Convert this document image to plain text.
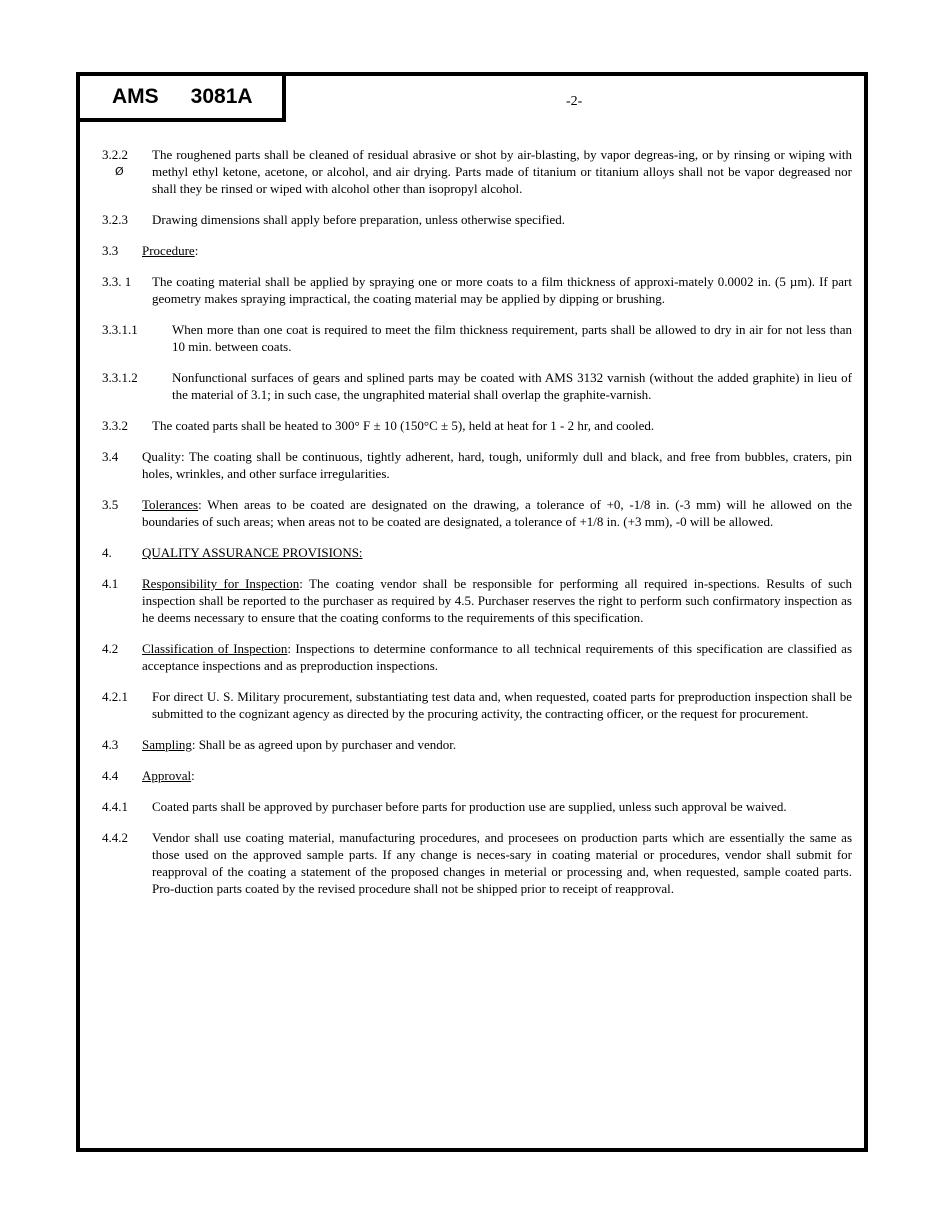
AMS 3081A	-2-
3.2.2
Ø
The roughened parts shall be cleaned of residual abrasive or shot by air-blasting, by vapor degreas-ing, or by rinsing or wiping with methyl ethyl ketone, acetone, or alcohol, and air drying. Parts made of titanium or titanium alloys shall not be vapor degreased nor shall they be rinsed or wiped with alcohol other than isopropyl alcohol.
3.2.3	Drawing dimensions shall apply before preparation, unless otherwise specified.
3.3	Procedure :
3.3. 1	The coating material shall be applied by spraying one or more coats to a film thickness of approxi-mately 0.0002 in. (5 µm). If part geometry makes spraying impractical, the coating material may be applied by dipping or brushing.
3.3.1.1	When more than one coat is required to meet the film thickness requirement, parts shall be allowed to dry in air for not less than 10 min. between coats.
3.3.1.2	Nonfunctional surfaces of gears and splined parts may be coated with AMS 3132 varnish (without the added graphite) in lieu of the material of 3.1; in such case, the ungraphited material shall overlap the graphite-varnish.
3.3.2	The coated parts shall be heated to 300° F ± 10 (150°C ± 5), held at heat for 1 - 2 hr, and cooled.
3.4	Quality: The coating shall be continuous, tightly adherent, hard, tough, uniformly dull and black, and free from bubbles, craters, pin holes, wrinkles, and other surface irregularities.
3.5	Tolerances: When areas to be coated are designated on the drawing, a tolerance of +0, -1/8 in. (-3 mm) will he allowed on the boundaries of such areas; when areas not to be coated are designated, a tolerance of +1/8 in. (+3 mm), -0 will be allowed.
4.	QUALITY ASSURANCE PROVISIONS:
4.1	Responsibility for Inspection: The coating vendor shall be responsible for performing all required in-spections. Results of such inspection shall be reported to the purchaser as required by 4.5. Purchaser reserves the right to perform such confirmatory inspection as he deems necessary to ensure that the coating conforms to the requirements of this specification.
4.2	Classification of Inspection: Inspections to determine conformance to all technical requirements of this specification are classified as acceptance inspections and as preproduction inspections.
4.2.1	For direct U. S. Military procurement, substantiating test data and, when requested, coated parts for preproduction inspection shall be submitted to the cognizant agency as directed by the procuring activity, the contracting officer, or the request for procurement.
4.3	Sampling: Shall be as agreed upon by purchaser and vendor.
4.4	Approval :
4.4.1	Coated parts shall be approved by purchaser before parts for production use are supplied, unless such approval be waived.
4.4.2	Vendor shall use coating material, manufacturing procedures, and procesees on production parts which are essentially the same as those used on the approved sample parts. If any change is neces-sary in coating material or procedures, vendor shall submit for reapproval of the coating a statement of the proposed changes in meterial or processing and, when requested, sample coated parts. Pro-duction parts coated by the revised procedure shall not be shipped prior to receipt of reapproval.
